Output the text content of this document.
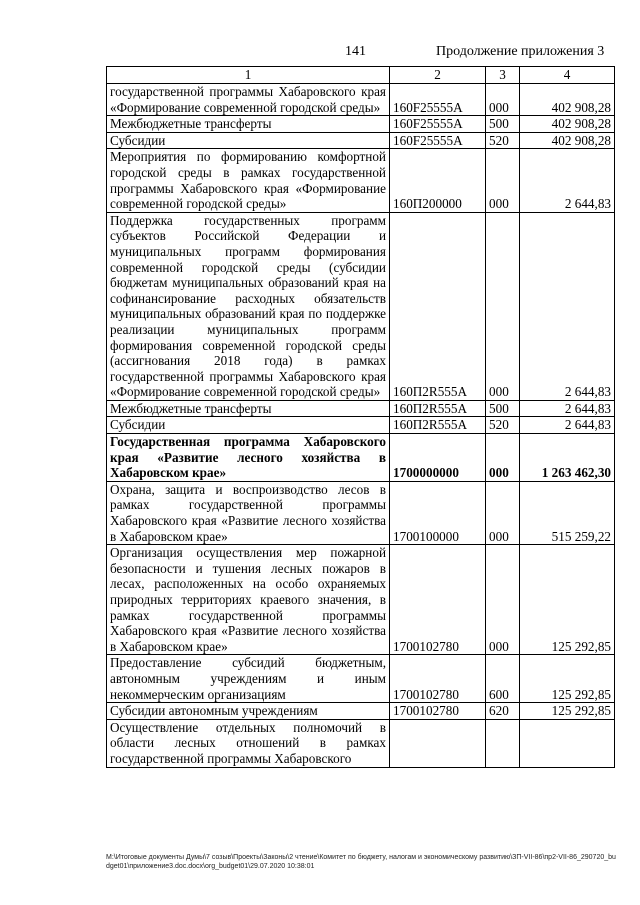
141	Продолжение приложения 3
1	2	3	4
государственной программы Хабаровского края «Формирование современной городской среды»	160F25555A	000	402 908,28
Межбюджетные трансферты	160F25555A	500	402 908,28
Субсидии	160F25555A	520	402 908,28
Мероприятия по формированию комфортной городской среды в рамках государственной программы Хабаровского края «Формирование современной городской среды»	160П200000	000	2 644,83
Поддержка государственных программ субъектов Российской Федерации и муниципальных программ формирования современной городской среды (субсидии бюджетам муниципальных образований края на софинансирование расходных обязательств муниципальных образований края по поддержке реализации муниципальных программ формирования современной городской среды (ассигнования 2018 года) в рамках государственной программы Хабаровского края «Формирование современной городской среды»	160П2R555A	000	2 644,83
Межбюджетные трансферты	160П2R555A	500	2 644,83
Субсидии	160П2R555A	520	2 644,83
Государственная программа Хабаровского края «Развитие лесного хозяйства в Хабаровском крае»	1700000000	000	1 263 462,30
Охрана, защита и воспроизводство лесов в рамках государственной программы Хабаровского края «Развитие лесного хозяйства в Хабаровском крае»	1700100000	000	515 259,22
Организация осуществления мер пожарной безопасности и тушения лесных пожаров в лесах, расположенных на особо охраняемых природных территориях краевого значения, в рамках государственной программы Хабаровского края «Развитие лесного хозяйства в Хабаровском крае»	1700102780	000	125 292,85
Предоставление субсидий бюджетным, автономным учреждениям и иным некоммерческим организациям	1700102780	600	125 292,85
Субсидии автономным учреждениям	1700102780	620	125 292,85
Осуществление отдельных полномочий в области лесных отношений в рамках государственной программы Хабаровского			
M:\Итоговые документы Думы\7 созыв\Проекты\Законы\2 чтение\Комитет по бюджету, налогам и экономическому развитию\ЗП-VII-86\пр2-VII-86_290720_budget01\приложение3.doc.docx\org_budget01\29.07.2020 10:38:01
